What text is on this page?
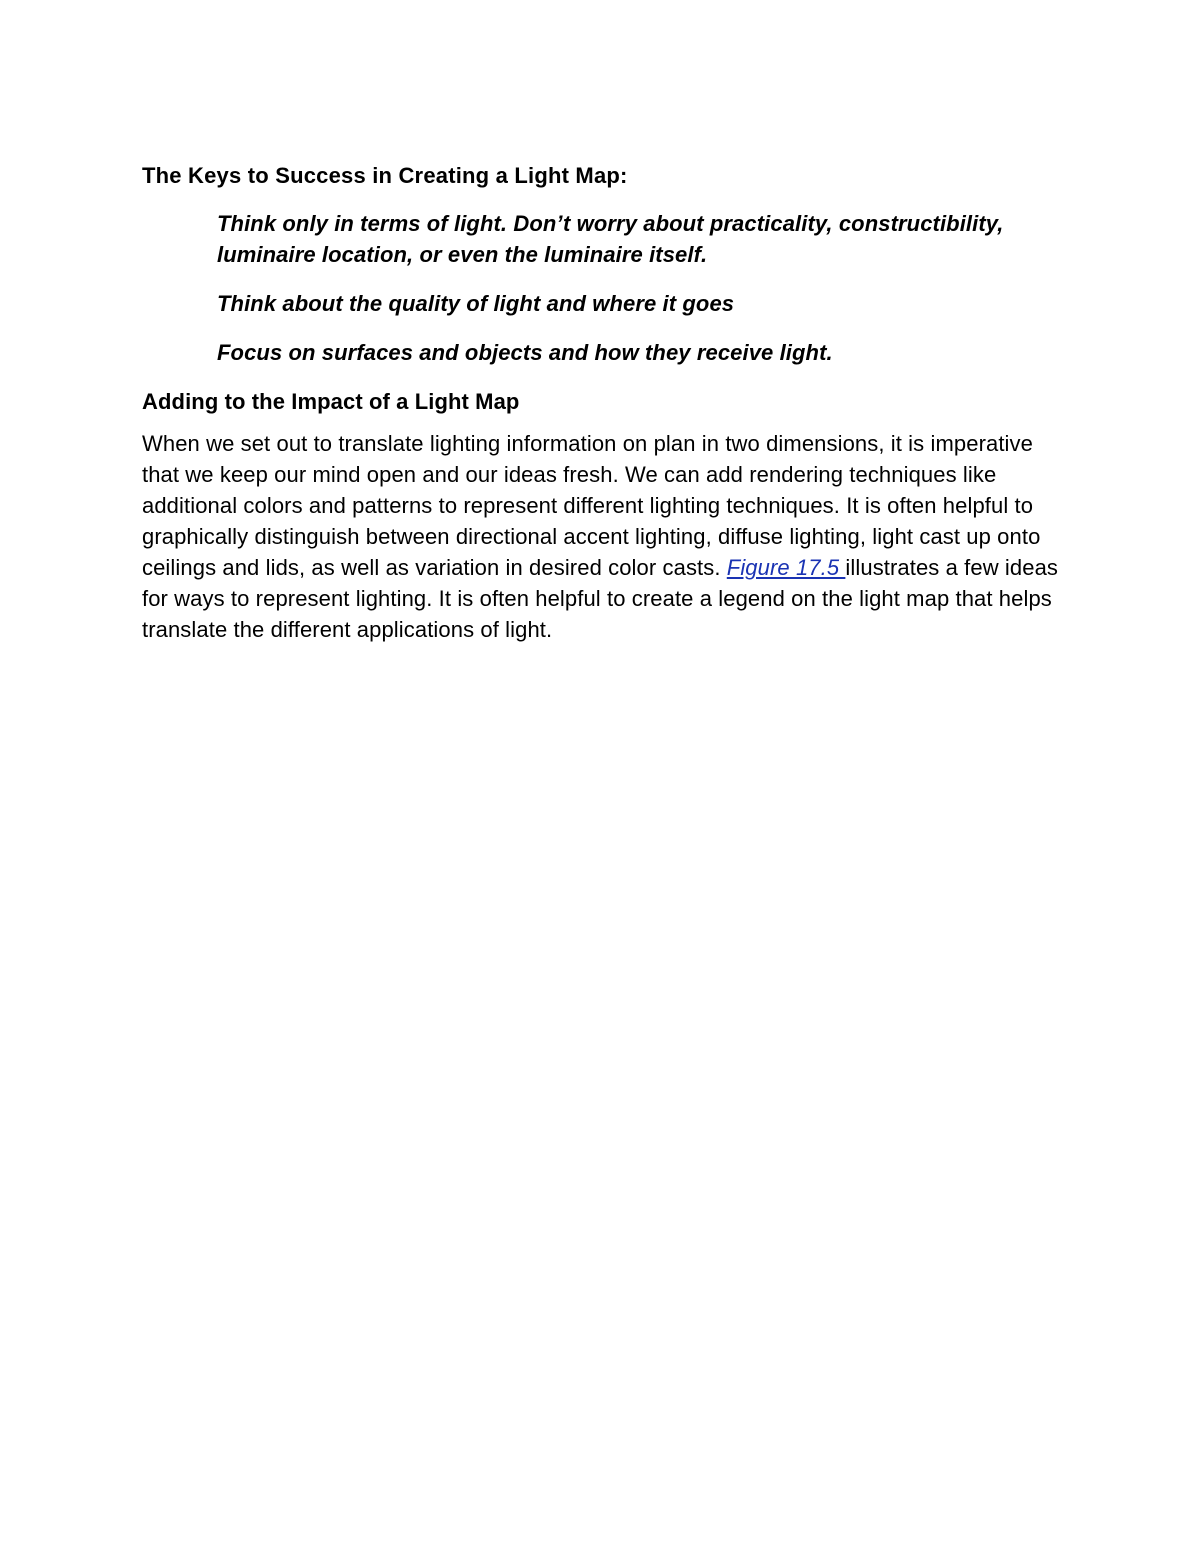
The Keys to Success in Creating a Light Map:

Think only in terms of light. Don’t worry about practicality, constructibility, luminaire location, or even the luminaire itself.

Think about the quality of light and where it goes

Focus on surfaces and objects and how they receive light.

Adding to the Impact of a Light Map

When we set out to translate lighting information on plan in two dimensions, it is imperative that we keep our mind open and our ideas fresh. We can add rendering techniques like additional colors and patterns to represent different lighting techniques. It is often helpful to graphically distinguish between directional accent lighting, diffuse lighting, light cast up onto ceilings and lids, as well as variation in desired color casts. Figure 17.5 illustrates a few ideas for ways to represent lighting. It is often helpful to create a legend on the light map that helps translate the different applications of light.
